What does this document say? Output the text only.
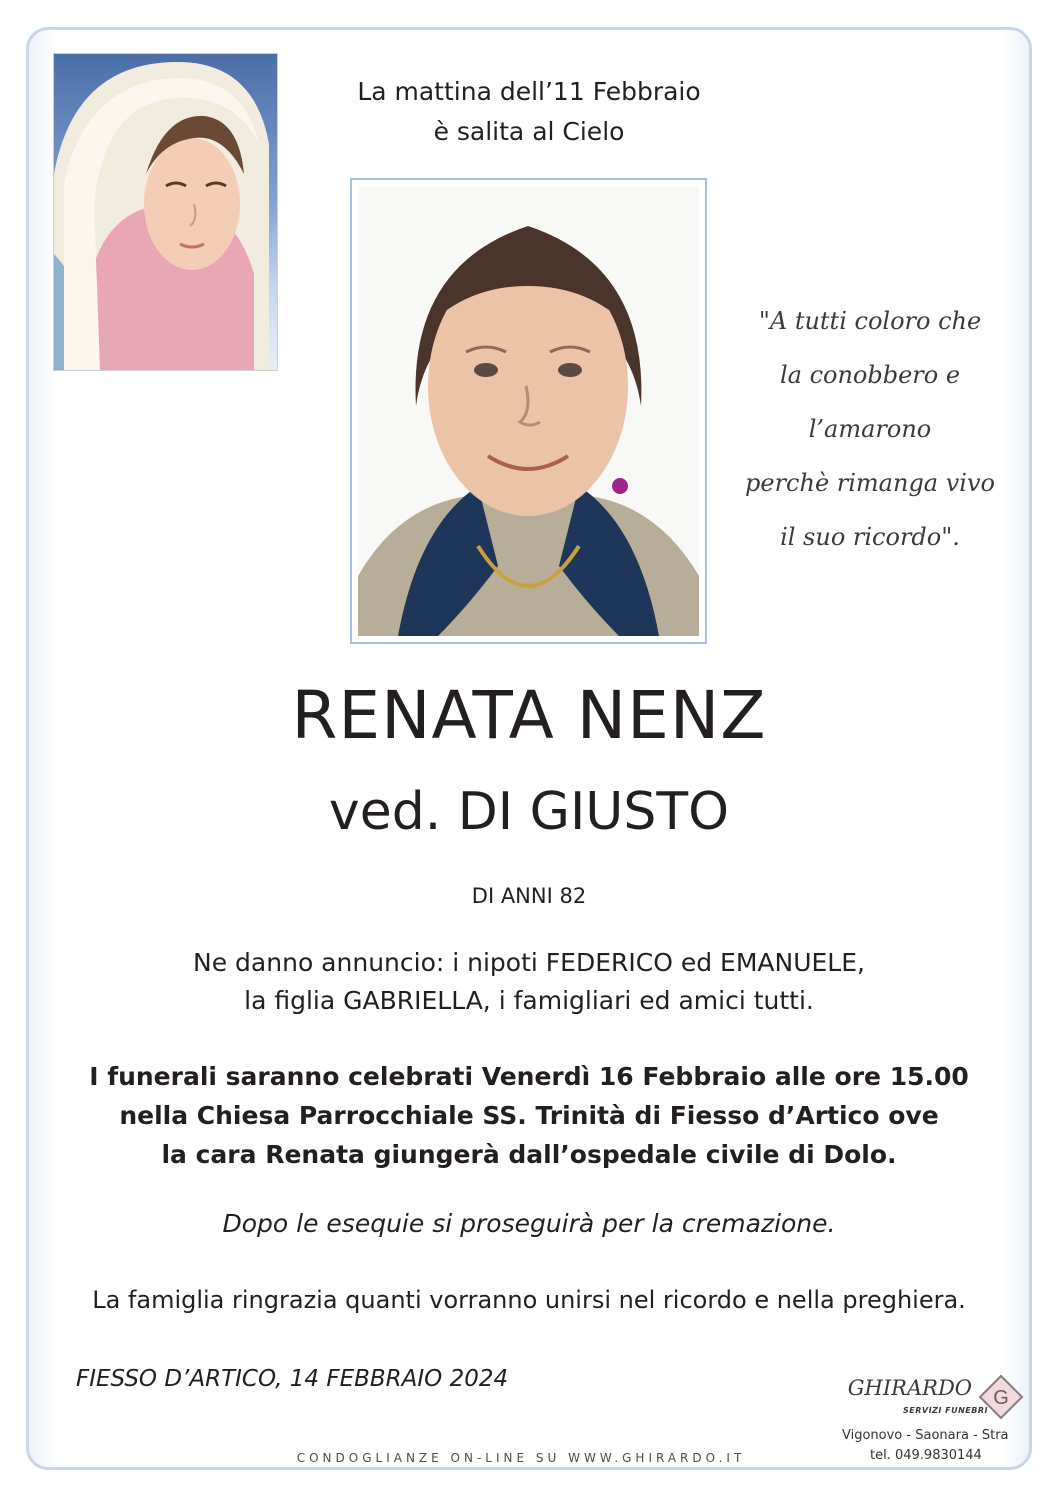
La mattina dell’11 Febbraio
è salita al Cielo
"A tutti coloro che
la conobbero e l’amarono
perchè rimanga vivo
il suo ricordo".
RENATA NENZ
ved. DI GIUSTO
DI ANNI 82
Ne danno annuncio: i nipoti FEDERICO ed EMANUELE,
la figlia GABRIELLA, i famigliari ed amici tutti.
I funerali saranno celebrati Venerdì 16 Febbraio alle ore 15.00
nella Chiesa Parrocchiale SS. Trinità di Fiesso d’Artico ove
la cara Renata giungerà dall’ospedale civile di Dolo.
Dopo le esequie si proseguirà per la cremazione.
La famiglia ringrazia quanti vorranno unirsi nel ricordo e nella preghiera.
FIESSO D’ARTICO, 14 FEBBRAIO 2024
CONDOGLIANZE ON-LINE SU WWW.GHIRARDO.IT
GHIRARDO
SERVIZI FUNEBRI
G
Vigonovo - Saonara - Stra
tel. 049.9830144
